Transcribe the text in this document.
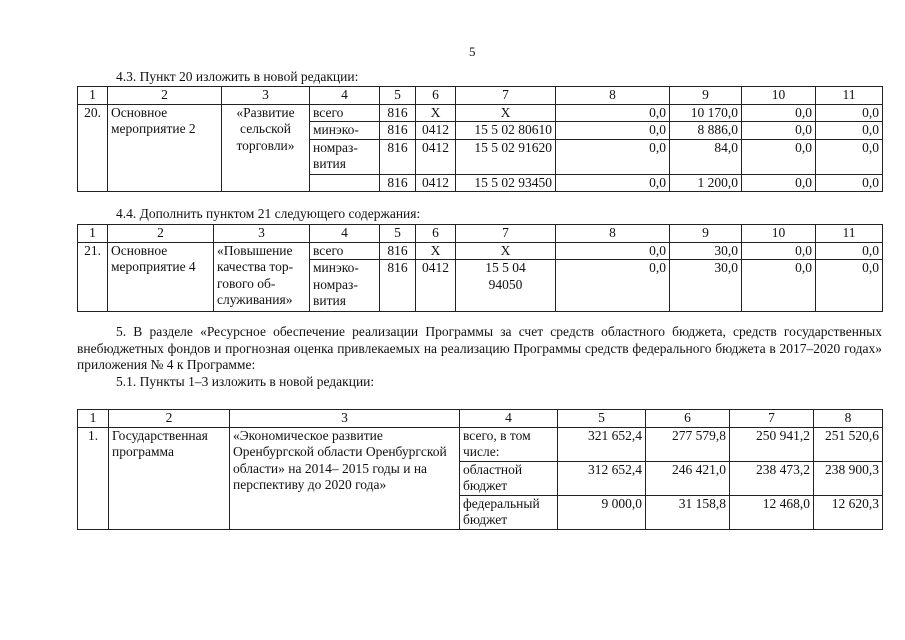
5
4.3. Пункт 20 изложить в новой редакции:
1	2	3	4	5	6	7	8	9	10	11
20.	Основное мероприятие 2	«Развитие сельской торговли»	всего	816	Х	Х	0,0	10 170,0	0,0	0,0
			минэко-	816	0412	15 5 02 80610	0,0	8 886,0	0,0	0,0
			номраз- вития	816	0412	15 5 02 91620	0,0	84,0	0,0	0,0
				816	0412	15 5 02 93450	0,0	1 200,0	0,0	0,0
4.4. Дополнить пунктом 21 следующего содержания:
1	2	3	4	5	6	7	8	9	10	11
21.	Основное мероприятие 4	«Повышение качества тор- гового об- служивания»	всего	816	Х	Х	0,0	30,0	0,0	0,0
			минэко- номраз- вития	816	0412	15 5 04 94050	0,0	30,0	0,0	0,0
5. В разделе «Ресурсное обеспечение реализации Программы за счет средств областного бюджета, средств государственных внебюджетных фондов и прогнозная оценка привлекаемых на реализацию Программы средств федерального бюджета в 2017–2020 годах» приложения № 4 к Программе:
5.1. Пункты 1–3 изложить в новой редакции:
1	2	3	4	5	6	7	8
1.	Государственная программа	«Экономическое развитие Оренбургской области Оренбургской области» на 2014– 2015 годы и на перспективу до 2020 года»	всего, в том числе:	321 652,4	277 579,8	250 941,2	251 520,6
			областной бюджет	312 652,4	246 421,0	238 473,2	238 900,3
			федеральный бюджет	9 000,0	31 158,8	12 468,0	12 620,3
